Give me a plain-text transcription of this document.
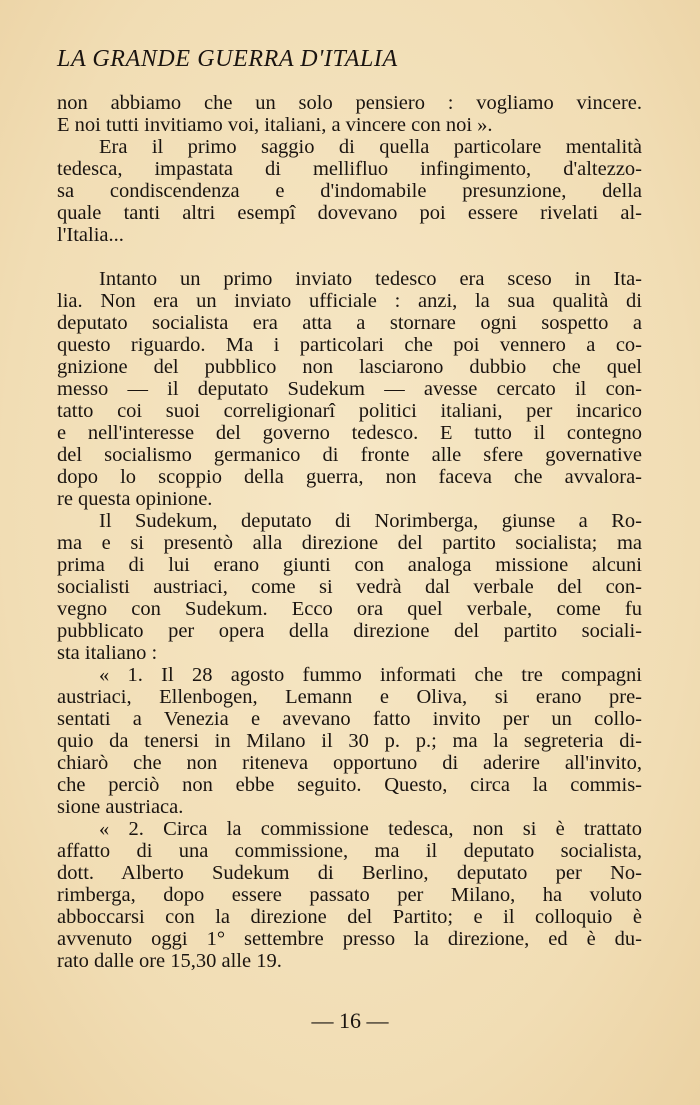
LA GRANDE GUERRA D'ITALIA
non abbiamo che un solo pensiero : vogliamo vincere.
E noi tutti invitiamo voi, italiani, a vincere con noi ».
Era il primo saggio di quella particolare mentalità
tedesca, impastata di mellifluo infingimento, d'altezzo-
sa condiscendenza e d'indomabile presunzione, della
quale tanti altri esempî dovevano poi essere rivelati al-
l'Italia...
Intanto un primo inviato tedesco era sceso in Ita-
lia. Non era un inviato ufficiale : anzi, la sua qualità di
deputato socialista era atta a stornare ogni sospetto a
questo riguardo. Ma i particolari che poi vennero a co-
gnizione del pubblico non lasciarono dubbio che quel
messo — il deputato Sudekum — avesse cercato il con-
tatto coi suoi correligionarî politici italiani, per incarico
e nell'interesse del governo tedesco. E tutto il contegno
del socialismo germanico di fronte alle sfere governative
dopo lo scoppio della guerra, non faceva che avvalora-
re questa opinione.
Il Sudekum, deputato di Norimberga, giunse a Ro-
ma e si presentò alla direzione del partito socialista; ma
prima di lui erano giunti con analoga missione alcuni
socialisti austriaci, come si vedrà dal verbale del con-
vegno con Sudekum. Ecco ora quel verbale, come fu
pubblicato per opera della direzione del partito sociali-
sta italiano :
« 1. Il 28 agosto fummo informati che tre compagni
austriaci, Ellenbogen, Lemann e Oliva, si erano pre-
sentati a Venezia e avevano fatto invito per un collo-
quio da tenersi in Milano il 30 p. p.; ma la segreteria di-
chiarò che non riteneva opportuno di aderire all'invito,
che perciò non ebbe seguito. Questo, circa la commis-
sione austriaca.
« 2. Circa la commissione tedesca, non si è trattato
affatto di una commissione, ma il deputato socialista,
dott. Alberto Sudekum di Berlino, deputato per No-
rimberga, dopo essere passato per Milano, ha voluto
abboccarsi con la direzione del Partito; e il colloquio è
avvenuto oggi 1° settembre presso la direzione, ed è du-
rato dalle ore 15,30 alle 19.
— 16 —
